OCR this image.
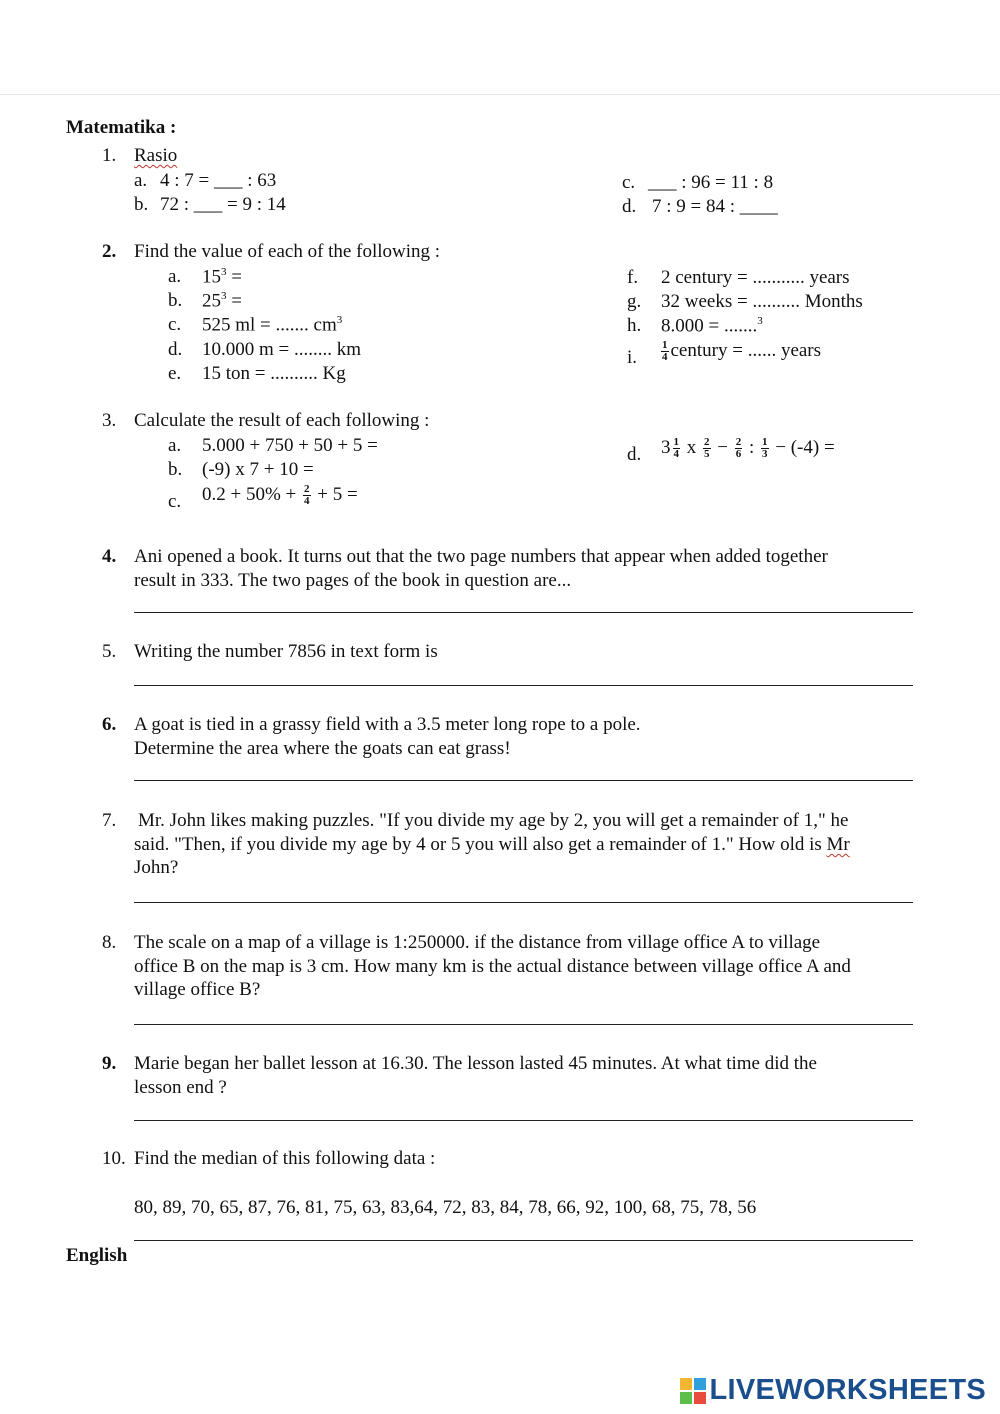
Matematika :
1. Rasio
a. 4 : 7 = ___ : 63
b. 72 : ___ = 9 : 14
c. ___ : 96 = 11 : 8
d. 7 : 9 = 84 : ____
2. Find the value of each of the following :
a. $15^3$ =
b. $25^3$ =
c. 525 ml = ....... $cm^3$
d. 10.000 m = ........ km
e. 15 ton = .......... Kg
f. 2 century = ........... years
g. 32 weeks = .......... Months
h. 8.000 = .......$^3$
i. $\frac{1}{4}$ century = ...... years
3. Calculate the result of each following :
a. 5.000 + 750 + 50 + 5 =
b. (-9) x 7 + 10 =
c. $0.2 + 50\% + \frac{2}{4} + 5$ =
d. $3 \frac{1}{4}$ x $\frac{2}{5} - \frac{2}{6}$ : $\frac{1}{3} - (-4)$ =
4. Ani opened a book. It turns out that the two page numbers that appear when added together
result in 333. The two pages of the book in question are...
5. Writing the number 7856 in text form is
6. A goat is tied in a grassy field with a 3.5 meter long rope to a pole.
Determine the area where the goats can eat grass!
7. Mr. John likes making puzzles. "If you divide my age by 2, you will get a remainder of 1," he
said. "Then, if you divide my age by 4 or 5 you will also get a remainder of 1." How old is Mr
John?
8. The scale on a map of a village is 1:250000. if the distance from village office A to village
office B on the map is 3 cm. How many km is the actual distance between village office A and
village office B?
9. Marie began her ballet lesson at 16.30. The lesson lasted 45 minutes. At what time did the
lesson end ?
10. Find the median of this following data :
80, 89, 70, 65, 87, 76, 81, 75, 63, 83,64, 72, 83, 84, 78, 66, 92, 100, 68, 75, 78, 56
English
LIVEWORKSHEETS
